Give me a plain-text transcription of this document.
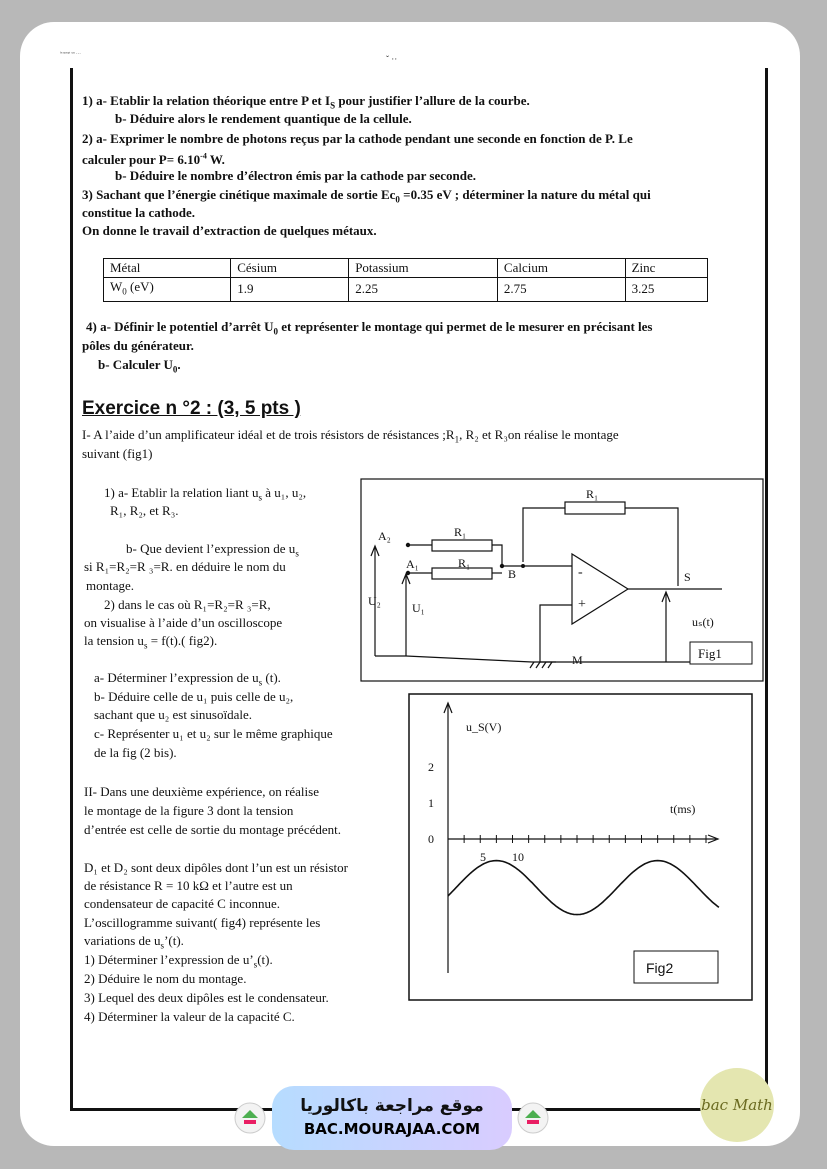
ᵇᶜʳᵃᵐᵖᵗ ᵘⁿ ···	ˇ ··
1) a- Etablir la relation théorique entre P et $I_S$ pour justifier l’allure de la courbe.
b- Déduire alors le rendement quantique de la cellule.
2) a- Exprimer le nombre de photons reçus par la cathode pendant une seconde en fonction de P. Le
calculer pour $P= 6.10^{-4}$ W.
b- Déduire le nombre d’électron émis par la cathode par seconde.
3) Sachant que l’énergie cinétique maximale de sortie $Ec_0 =0.35$ eV ; déterminer la nature du métal qui
constitue la cathode.
On donne le travail d’extraction de quelques métaux.
Métal	Césium	Potassium	Calcium	Zinc
$W_0$ (eV)	1.9	2.25	2.75	3.25
4) a- Définir le potentiel d’arrêt $U_0$ et représenter le montage qui permet de le mesurer en précisant les
pôles du générateur.
b- Calculer $U_0$.
Exercice n °2 : (3, 5 pts )
I- A l’aide d’un amplificateur idéal et de trois résistors de résistances $;R_1$, R₂ et R₃on réalise le montage
suivant (fig1)
1) a- Etablir la relation liant $u_s$ à u₁, u₂,
R₁, R₂, et R₃.
b- Que devient l’expression de $u_s$
si R₁=R₂=R ₃=R. en déduire le nom du
montage.
2) dans le cas où R₁=R₂=R ₃=R,
on visualise à l’aide d’un oscilloscope
la tension $u_s = f(t)$.( fig2).
a- Déterminer l’expression de $u_s$ (t).
b- Déduire celle de u₁ puis celle de u₂,
sachant que u₂ est sinusoïdale.
c- Représenter u₁ et u₂ sur le même graphique
de la fig (2 bis).
II- Dans une deuxième expérience, on réalise
le montage de la figure 3 dont la tension
d’entrée est celle de sortie du montage précédent.
D₁ et D₂ sont deux dipôles dont l’un est un résistor
de résistance R = 10 kΩ et l’autre est un
condensateur de capacité C inconnue.
L’oscillogramme suivant( fig4) représente les
variations de $u_s’(t)$.
1) Déterminer l’expression de $u’_s(t)$.
2) Déduire le nom du montage.
3) Lequel des deux dipôles est le condensateur.
4) Déterminer la valeur de la capacité C.
R₁
R₁
R₁
A₂
A₁
B	S
U₂	U₁
M
uₛ(t)
-
+
Fig1
u_S(V)
t(ms)
2
1
0
5 10
Fig2
موقع مراجعة باكالوريا
BAC.MOURAJAA.COM
bac Math
